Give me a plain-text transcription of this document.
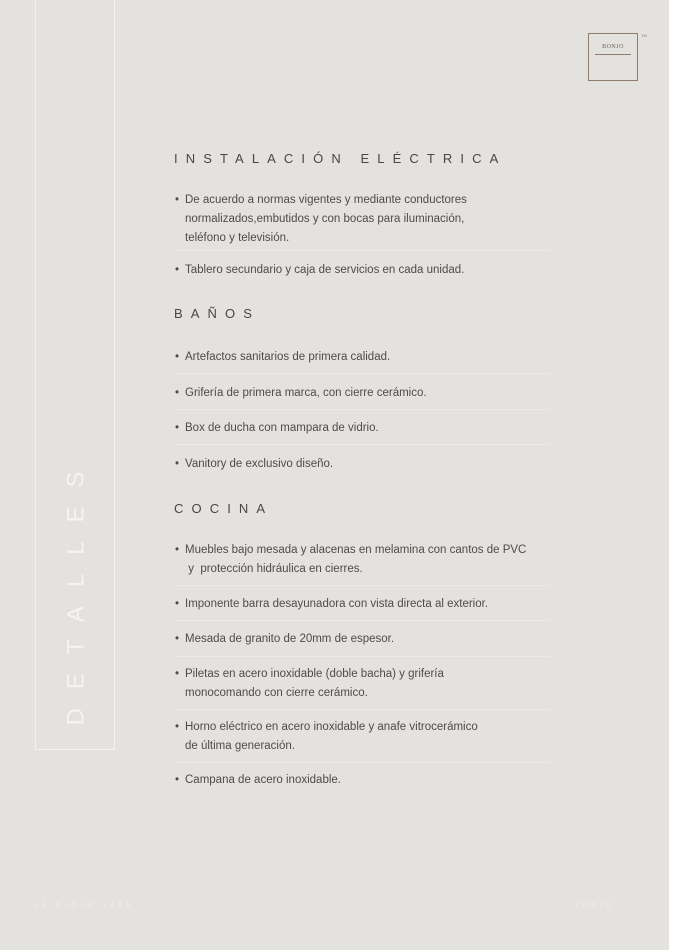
DETALLES
BONJO
TM
INSTALACIÓN ELÉCTRICA
• De acuerdo a normas vigentes y mediante conductores
normalizados,embutidos y con bocas para iluminación,
teléfono y televisión.
• Tablero secundario y caja de servicios en cada unidad.
BAÑOS
• Artefactos sanitarios de primera calidad.
• Grifería de primera marca, con cierre cerámico.
• Box de ducha con mampara de vidrio.
• Vanitory de exclusivo diseño.
COCINA
• Muebles bajo mesada y alacenas en melamina con cantos de PVC
y  protección hidráulica en cierres.
• Imponente barra desayunadora con vista directa al exterior.
• Mesada de granito de 20mm de espesor.
• Piletas en acero inoxidable (doble bacha) y grifería
monocomando con cierre cerámico.
• Horno eléctrico en acero inoxidable y anafe vitrocerámico
de última generación.
• Campana de acero inoxidable.
LA RIOJA 1435	BONJO
